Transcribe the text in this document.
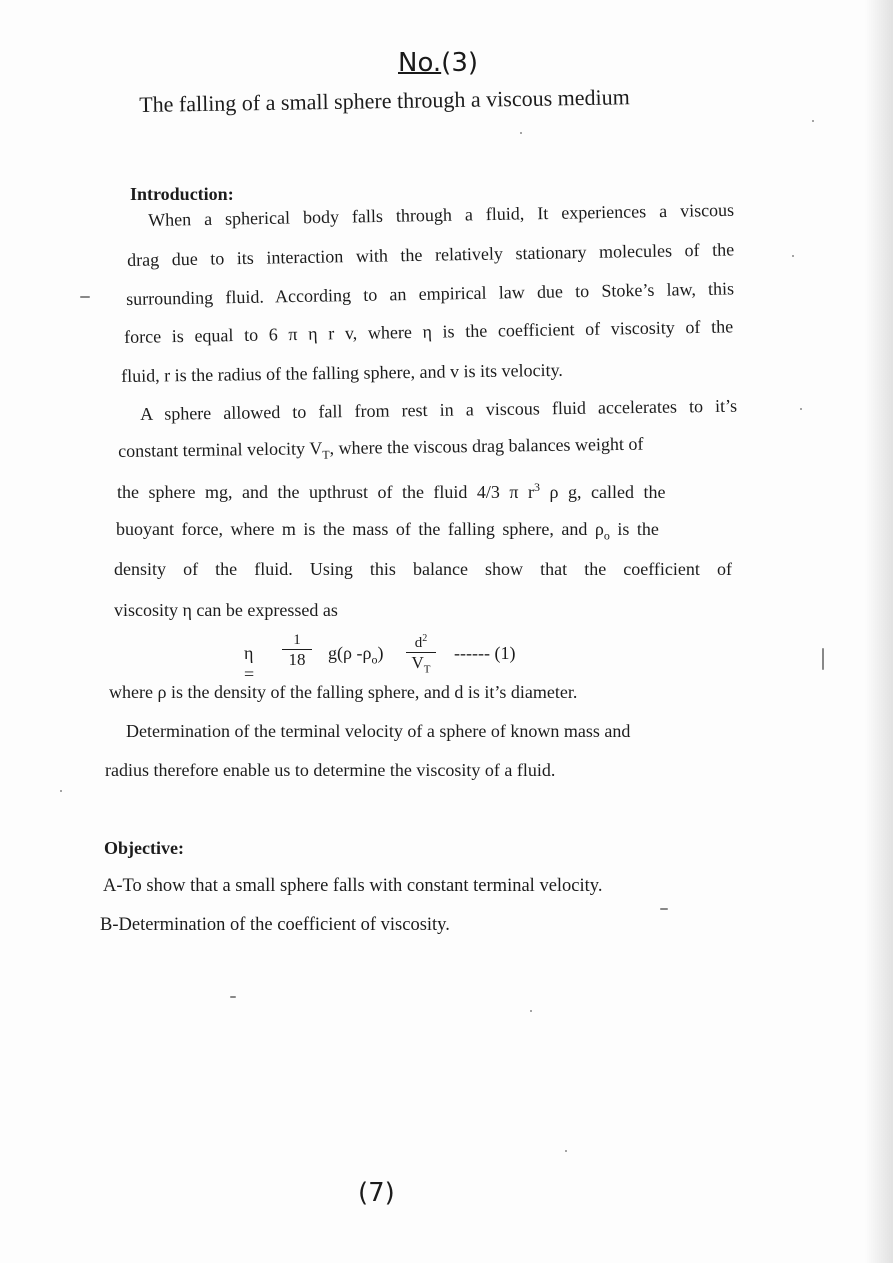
No.(3)
The falling of a small sphere through a viscous medium
Introduction:
When a spherical body falls through a fluid, It experiences a viscous
drag due to its interaction with the relatively stationary molecules of the
surrounding fluid. According to an empirical law due to Stoke’s law, this
force is equal to 6 π η r v, where η is the coefficient of viscosity of the
fluid, r is the radius of the falling sphere, and v is its velocity.
A sphere allowed to fall from rest in a viscous fluid accelerates to it’s
constant terminal velocity $V_T$, where the viscous drag balances weight of
the sphere mg, and the upthrust of the fluid 4/3 π $r^3$ ρ g, called the
buoyant force, where m is the mass of the falling sphere, and $\rho_o$ is the
density of the fluid. Using this balance show that the coefficient of
viscosity η can be expressed as
η =
1
18 g(ρ $-\rho_o$) $d^2$
$V_T$
------ (1)
where ρ is the density of the falling sphere, and d is it’s diameter.
Determination of the terminal velocity of a sphere of known mass and
radius therefore enable us to determine the viscosity of a fluid.
Objective:
A-To show that a small sphere falls with constant terminal velocity.
B-Determination of the coefficient of viscosity.
(7)
